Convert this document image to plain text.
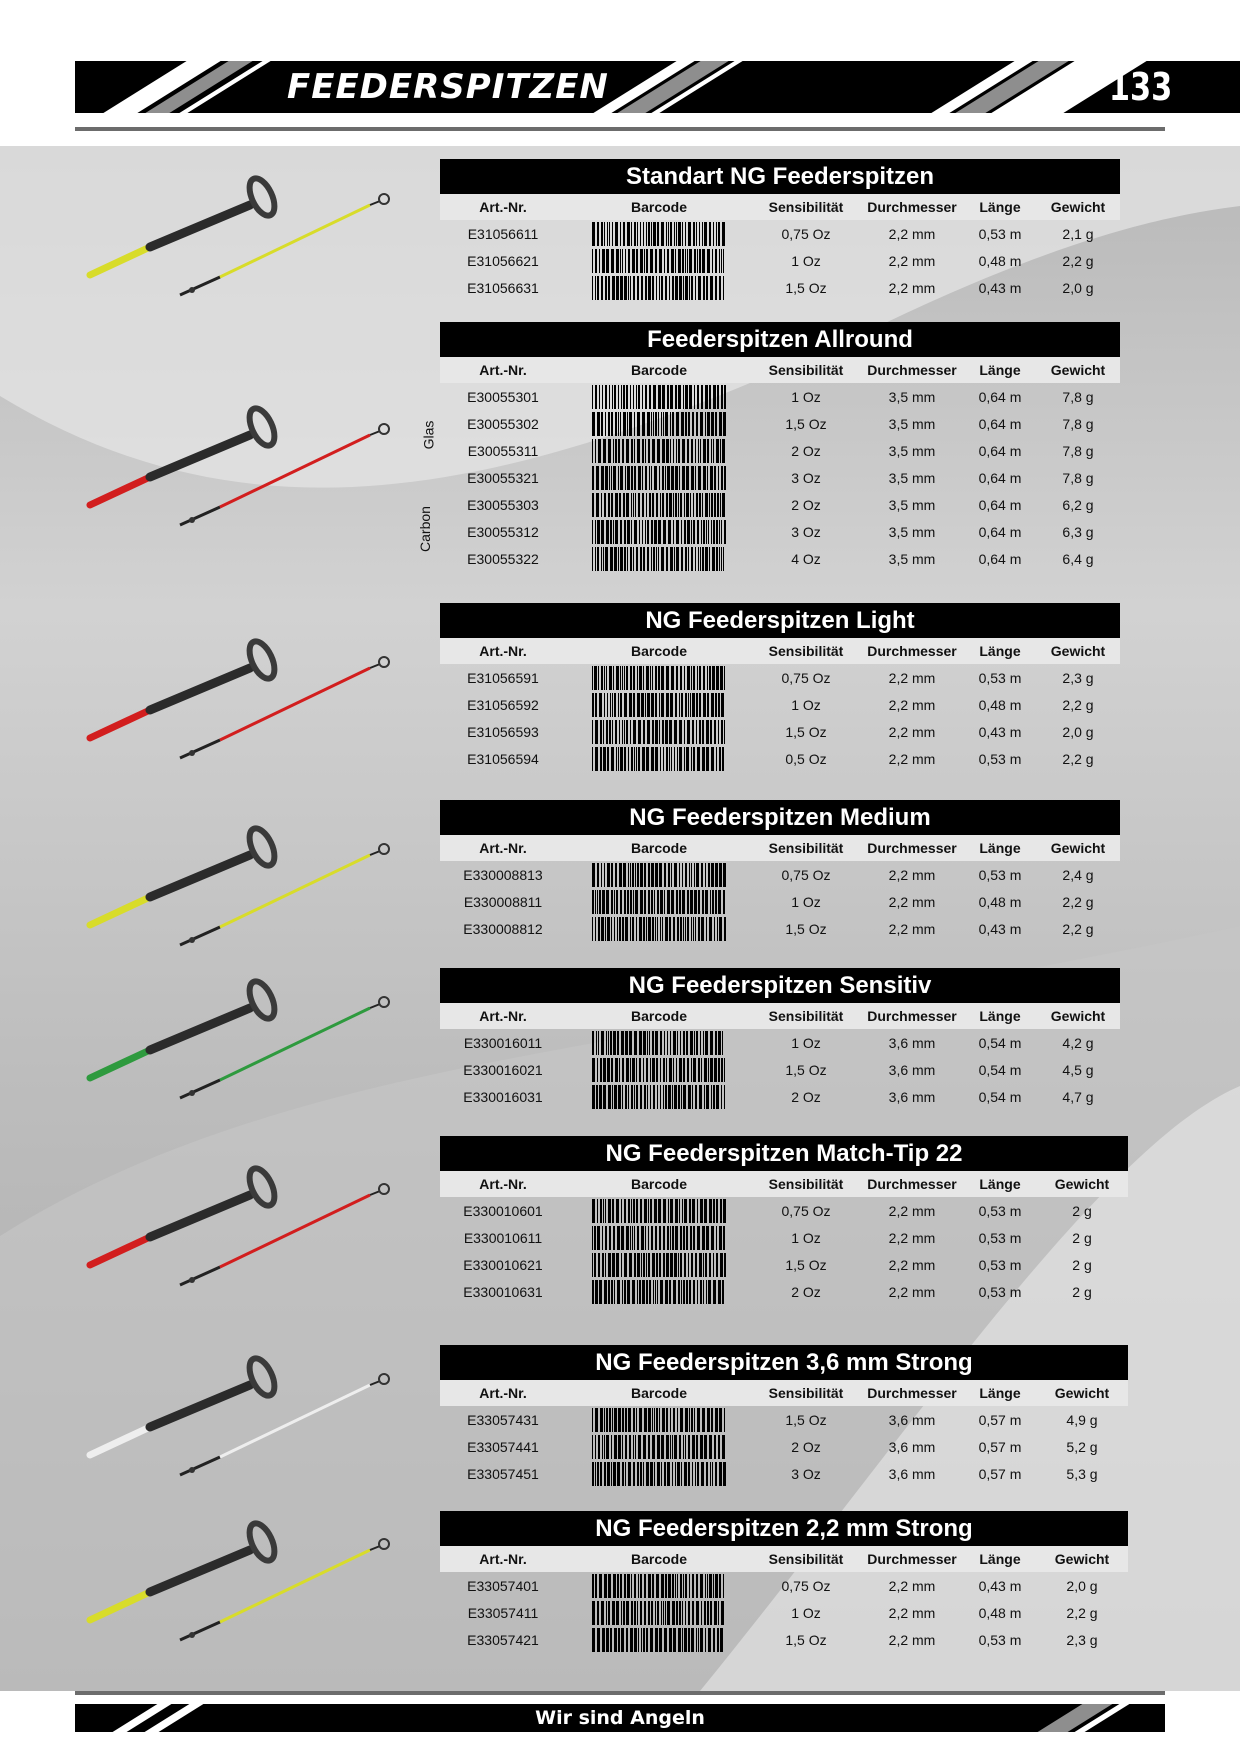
FEEDERSPITZEN	133
Standart NG Feederspitzen
Art.-Nr.	Barcode	Sensibilität	Durchmesser	Länge	Gewicht
E31056611	0,75 Oz	2,2 mm	0,53 m	2,1 g
E31056621	1 Oz	2,2 mm	0,48 m	2,2 g
E31056631	1,5 Oz	2,2 mm	0,43 m	2,0 g
Feederspitzen Allround
Art.-Nr.	Barcode	Sensibilität	Durchmesser	Länge	Gewicht
E30055301	1 Oz	3,5 mm	0,64 m	7,8 g
E30055302	1,5 Oz	3,5 mm	0,64 m	7,8 g
E30055311	2 Oz	3,5 mm	0,64 m	7,8 g
E30055321	3 Oz	3,5 mm	0,64 m	7,8 g
E30055303	2 Oz	3,5 mm	0,64 m	6,2 g
E30055312	3 Oz	3,5 mm	0,64 m	6,3 g
E30055322	4 Oz	3,5 mm	0,64 m	6,4 g
NG Feederspitzen Light
Art.-Nr.	Barcode	Sensibilität	Durchmesser	Länge	Gewicht
E31056591	0,75 Oz	2,2 mm	0,53 m	2,3 g
E31056592	1 Oz	2,2 mm	0,48 m	2,2 g
E31056593	1,5 Oz	2,2 mm	0,43 m	2,0 g
E31056594	0,5 Oz	2,2 mm	0,53 m	2,2 g
NG Feederspitzen Medium
Art.-Nr.	Barcode	Sensibilität	Durchmesser	Länge	Gewicht
E330008813	0,75 Oz	2,2 mm	0,53 m	2,4 g
E330008811	1 Oz	2,2 mm	0,48 m	2,2 g
E330008812	1,5 Oz	2,2 mm	0,43 m	2,2 g
NG Feederspitzen Sensitiv
Art.-Nr.	Barcode	Sensibilität	Durchmesser	Länge	Gewicht
E330016011	1 Oz	3,6 mm	0,54 m	4,2 g
E330016021	1,5 Oz	3,6 mm	0,54 m	4,5 g
E330016031	2 Oz	3,6 mm	0,54 m	4,7 g
NG Feederspitzen Match-Tip 22
Art.-Nr.	Barcode	Sensibilität	Durchmesser	Länge	Gewicht
E330010601	0,75 Oz	2,2 mm	0,53 m	2 g
E330010611	1 Oz	2,2 mm	0,53 m	2 g
E330010621	1,5 Oz	2,2 mm	0,53 m	2 g
E330010631	2 Oz	2,2 mm	0,53 m	2 g
NG Feederspitzen 3,6 mm Strong
Art.-Nr.	Barcode	Sensibilität	Durchmesser	Länge	Gewicht
E33057431	1,5 Oz	3,6 mm	0,57 m	4,9 g
E33057441	2 Oz	3,6 mm	0,57 m	5,2 g
E33057451	3 Oz	3,6 mm	0,57 m	5,3 g
NG Feederspitzen 2,2 mm Strong
Art.-Nr.	Barcode	Sensibilität	Durchmesser	Länge	Gewicht
E33057401	0,75 Oz	2,2 mm	0,43 m	2,0 g
E33057411	1 Oz	2,2 mm	0,48 m	2,2 g
E33057421	1,5 Oz	2,2 mm	0,53 m	2,3 g
Glas
Carbon
Wir sind Angeln
